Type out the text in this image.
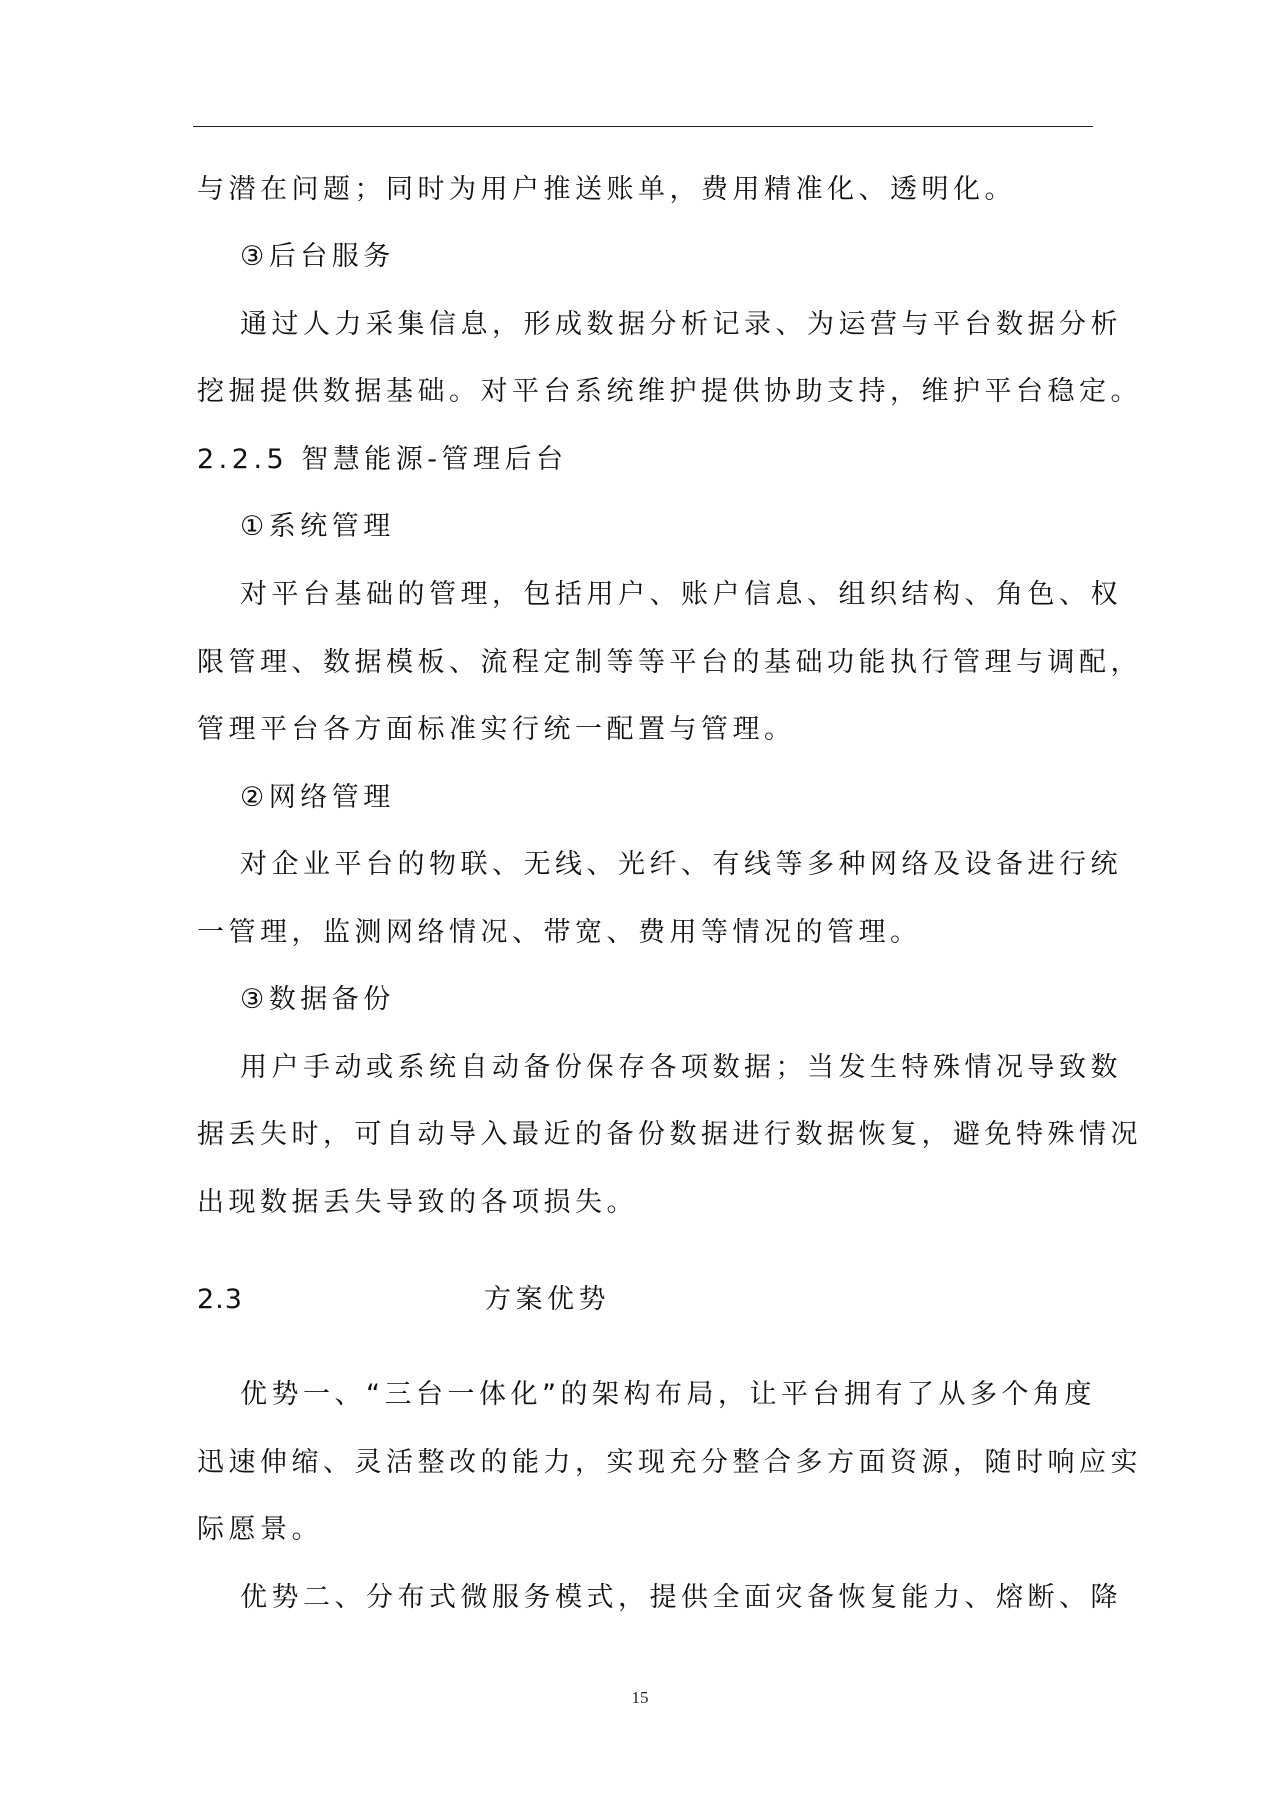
与潜在问题；同时为用户推送账单，费用精准化、透明化。
③后台服务
通过人力采集信息，形成数据分析记录、为运营与平台数据分析
挖掘提供数据基础。对平台系统维护提供协助支持，维护平台稳定。
2.2.5 智慧能源-管理后台
①系统管理
对平台基础的管理，包括用户、账户信息、组织结构、角色、权
限管理、数据模板、流程定制等等平台的基础功能执行管理与调配，
管理平台各方面标准实行统一配置与管理。
②网络管理
对企业平台的物联、无线、光纤、有线等多种网络及设备进行统
一管理，监测网络情况、带宽、费用等情况的管理。
③数据备份
用户手动或系统自动备份保存各项数据；当发生特殊情况导致数
据丢失时，可自动导入最近的备份数据进行数据恢复，避免特殊情况
出现数据丢失导致的各项损失。
2.3	方案优势
优势一、“三台一体化”的架构布局，让平台拥有了从多个角度
迅速伸缩、灵活整改的能力，实现充分整合多方面资源，随时响应实
际愿景。
优势二、分布式微服务模式，提供全面灾备恢复能力、熔断、降
15
